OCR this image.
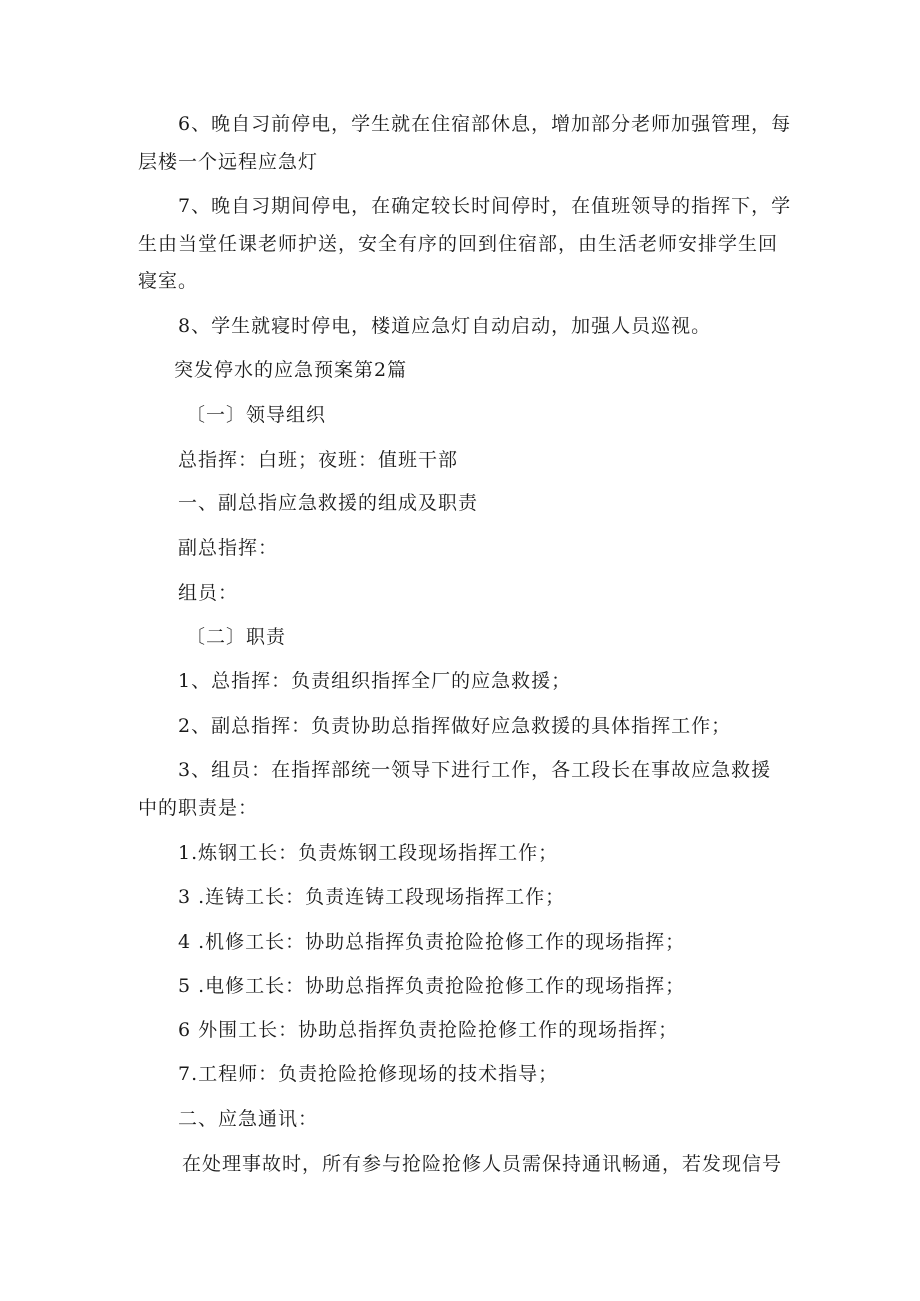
6、晚自习前停电，学生就在住宿部休息，增加部分老师加强管理，每
层楼一个远程应急灯
7、晚自习期间停电，在确定较长时间停时，在值班领导的指挥下，学
生由当堂任课老师护送，安全有序的回到住宿部，由生活老师安排学生回
寝室。
8、学生就寝时停电，楼道应急灯自动启动，加强人员巡视。
突发停水的应急预案第2篇
〔一〕领导组织
总指挥：白班；夜班：值班干部
一、副总指应急救援的组成及职责
副总指挥：
组员：
〔二〕职责
1、总指挥：负责组织指挥全厂的应急救援；
2、副总指挥：负责协助总指挥做好应急救援的具体指挥工作；
3、组员：在指挥部统一领导下进行工作，各工段长在事故应急救援
中的职责是：
1.炼钢工长：负责炼钢工段现场指挥工作；
3 .连铸工长：负责连铸工段现场指挥工作；
4 .机修工长：协助总指挥负责抢险抢修工作的现场指挥；
5 .电修工长：协助总指挥负责抢险抢修工作的现场指挥；
6 外围工长：协助总指挥负责抢险抢修工作的现场指挥；
7.工程师：负责抢险抢修现场的技术指导；
二、应急通讯：
在处理事故时，所有参与抢险抢修人员需保持通讯畅通，若发现信号
